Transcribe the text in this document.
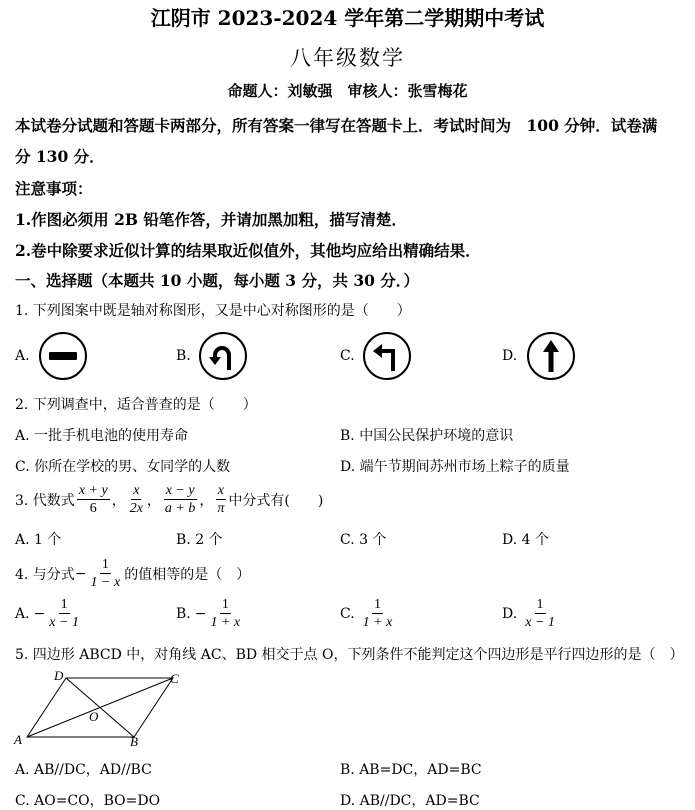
江阴市 2023-2024 学年第二学期期中考试
八年级数学
命题人：刘敏强　审核人：张雪梅花
本试卷分试题和答题卡两部分，所有答案一律写在答题卡上．考试时间为　100 分钟．试卷满
分 130 分．
注意事项：
1.作图必须用 2B 铅笔作答，并请加黑加粗，描写清楚．
2.卷中除要求近似计算的结果取近似值外，其他均应给出精确结果．
一、选择题（本题共 10 小题，每小题 3 分，共 30 分．）
1. 下列图案中既是轴对称图形，又是中心对称图形的是（　　）
A.	B.	C.	D.
2. 下列调查中，适合普查的是（　　）
A. 一批手机电池的使用寿命	B. 中国公民保护环境的意识
C. 你所在学校的男、女同学的人数	D. 端午节期间苏州市场上粽子的质量
3. 代数式 $\frac{x + y}{6}$ ， $\frac{x}{2x}$ ， $\frac{x - y}{a + b}$ ， $\frac{x}{\pi}$ 中分式有(　　)
A. 1 个	B. 2 个	C. 3 个	D. 4 个
4. 与分式 − $\frac{1}{1 - x}$ 的值相等的是（　）
A. − $\frac{1}{x - 1}$	B. − $\frac{1}{1 + x}$	C. $\frac{1}{1 + x}$	D. $\frac{1}{x - 1}$
5. 四边形 ABCD 中，对角线 AC、BD 相交于点 O，下列条件不能判定这个四边形是平行四边形的是（　）
A	B
C
D
O
A. AB//DC，AD//BC	B. AB=DC，AD=BC
C. AO=CO，BO=DO	D. AB//DC，AD=BC
